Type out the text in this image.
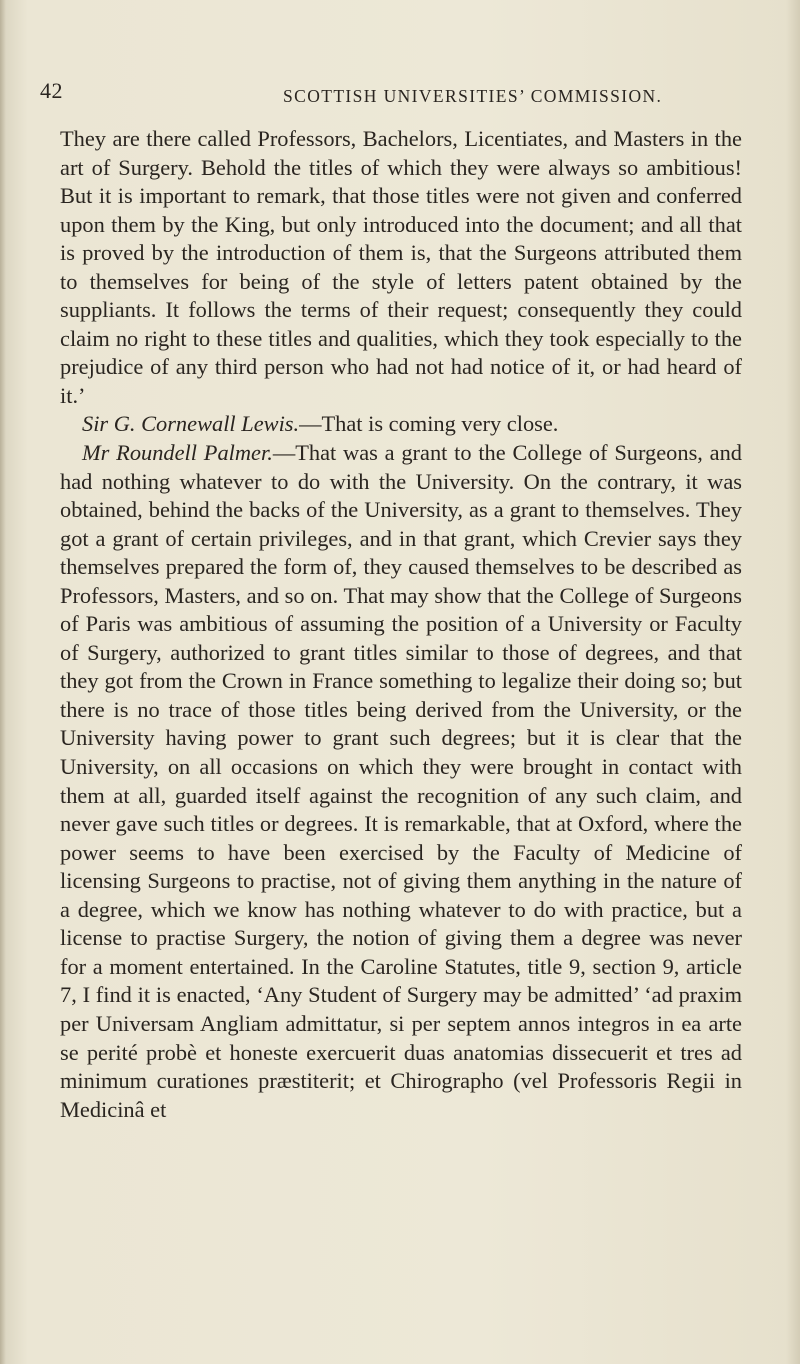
42	SCOTTISH UNIVERSITIES’ COMMISSION.

They are there called Professors, Bachelors, Licentiates, and Masters in the art of Surgery. Behold the titles of which they were always so ambitious! But it is important to remark, that those titles were not given and conferred upon them by the King, but only introduced into the document; and all that is proved by the introduction of them is, that the Surgeons attributed them to themselves for being of the style of letters patent obtained by the suppliants. It follows the terms of their request; consequently they could claim no right to these titles and qualities, which they took especially to the prejudice of any third person who had not had notice of it, or had heard of it.’

Sir G. Cornewall Lewis.—That is coming very close.

Mr Roundell Palmer.—That was a grant to the College of Surgeons, and had nothing whatever to do with the University. On the contrary, it was obtained, behind the backs of the University, as a grant to themselves. They got a grant of certain privileges, and in that grant, which Crevier says they themselves prepared the form of, they caused themselves to be described as Professors, Masters, and so on. That may show that the College of Surgeons of Paris was ambitious of assuming the position of a University or Faculty of Surgery, authorized to grant titles similar to those of degrees, and that they got from the Crown in France something to legalize their doing so; but there is no trace of those titles being derived from the University, or the University having power to grant such degrees; but it is clear that the University, on all occasions on which they were brought in contact with them at all, guarded itself against the recognition of any such claim, and never gave such titles or degrees. It is remarkable, that at Oxford, where the power seems to have been exercised by the Faculty of Medicine of licensing Surgeons to practise, not of giving them anything in the nature of a degree, which we know has nothing whatever to do with practice, but a license to practise Surgery, the notion of giving them a degree was never for a moment entertained. In the Caroline Statutes, title 9, section 9, article 7, I find it is enacted, ‘Any Student of Surgery may be admitted’ ‘ad praxim per Universam Angliam admittatur, si per septem annos integros in ea arte se perité probè et honeste exercuerit duas anatomias dissecuerit et tres ad minimum curationes præstiterit; et Chirographo (vel Professoris Regii in Medicinâ et
